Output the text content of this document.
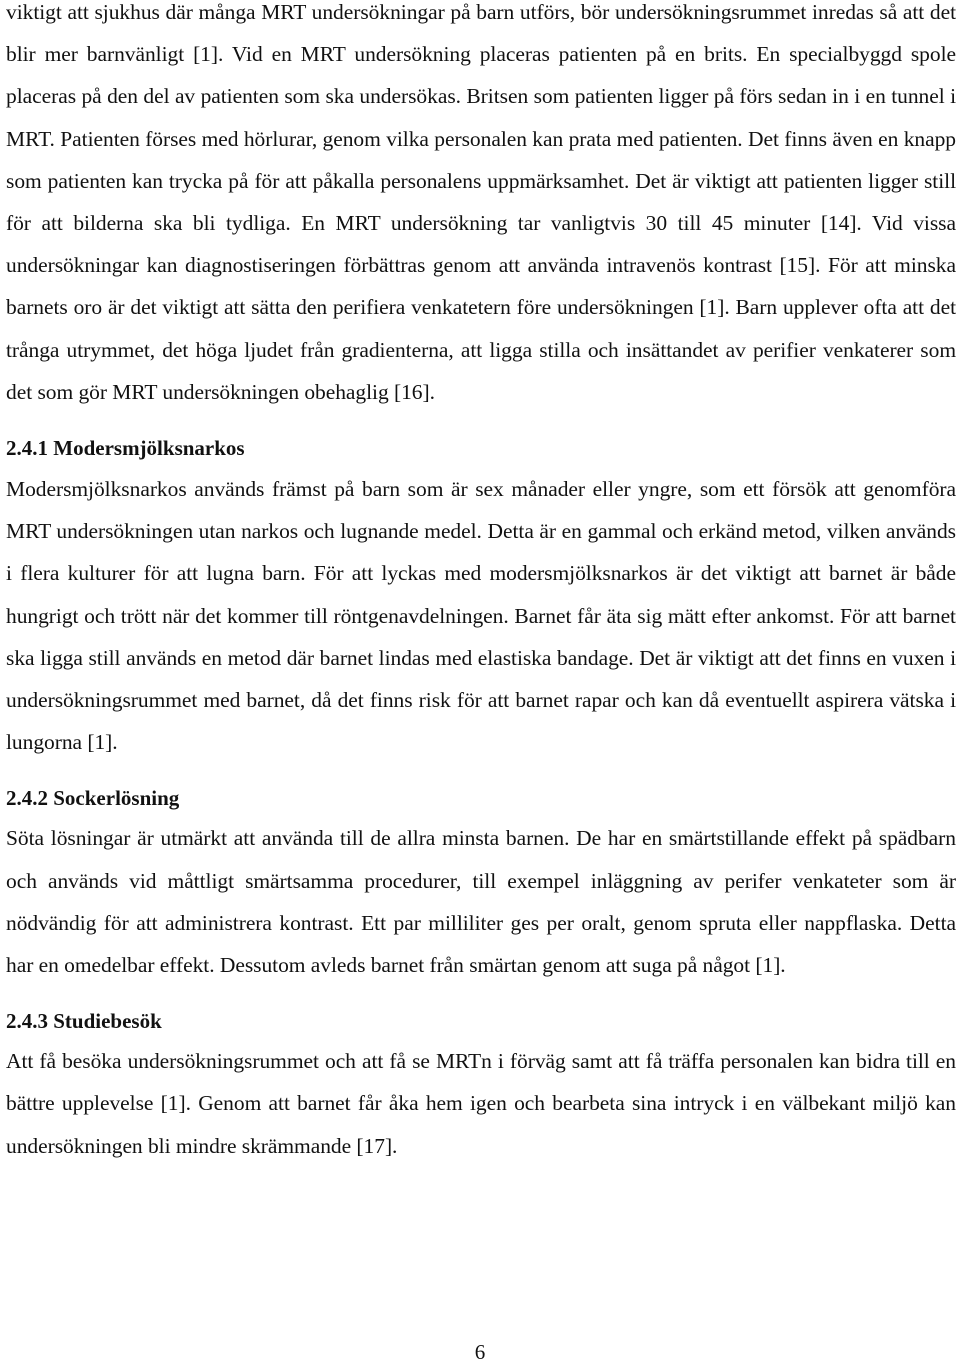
viktigt att sjukhus där många MRT undersökningar på barn utförs, bör undersökningsrummet inredas så att det blir mer barnvänligt [1]. Vid en MRT undersökning placeras patienten på en brits. En specialbyggd spole placeras på den del av patienten som ska undersökas. Britsen som patienten ligger på förs sedan in i en tunnel i MRT. Patienten förses med hörlurar, genom vilka personalen kan prata med patienten. Det finns även en knapp som patienten kan trycka på för att påkalla personalens uppmärksamhet. Det är viktigt att patienten ligger still för att bilderna ska bli tydliga. En MRT undersökning tar vanligtvis 30 till 45 minuter [14]. Vid vissa undersökningar kan diagnostiseringen förbättras genom att använda intravenös kontrast [15]. För att minska barnets oro är det viktigt att sätta den perifiera venkatetern före undersökningen [1]. Barn upplever ofta att det trånga utrymmet, det höga ljudet från gradienterna, att ligga stilla och insättandet av perifier venkaterer som det som gör MRT undersökningen obehaglig [16].

2.4.1 Modersmjölksnarkos

Modersmjölksnarkos används främst på barn som är sex månader eller yngre, som ett försök att genomföra MRT undersökningen utan narkos och lugnande medel. Detta är en gammal och erkänd metod, vilken används i flera kulturer för att lugna barn. För att lyckas med modersmjölksnarkos är det viktigt att barnet är både hungrigt och trött när det kommer till röntgenavdelningen. Barnet får äta sig mätt efter ankomst. För att barnet ska ligga still används en metod där barnet lindas med elastiska bandage. Det är viktigt att det finns en vuxen i undersökningsrummet med barnet, då det finns risk för att barnet rapar och kan då eventuellt aspirera vätska i lungorna [1].

2.4.2 Sockerlösning

Söta lösningar är utmärkt att använda till de allra minsta barnen. De har en smärtstillande effekt på spädbarn och används vid måttligt smärtsamma procedurer, till exempel inläggning av perifer venkateter som är nödvändig för att administrera kontrast. Ett par milliliter ges per oralt, genom spruta eller nappflaska. Detta har en omedelbar effekt. Dessutom avleds barnet från smärtan genom att suga på något [1].

2.4.3 Studiebesök

Att få besöka undersökningsrummet och att få se MRTn i förväg samt att få träffa personalen kan bidra till en bättre upplevelse [1]. Genom att barnet får åka hem igen och bearbeta sina intryck i en välbekant miljö kan undersökningen bli mindre skrämmande [17].

6
